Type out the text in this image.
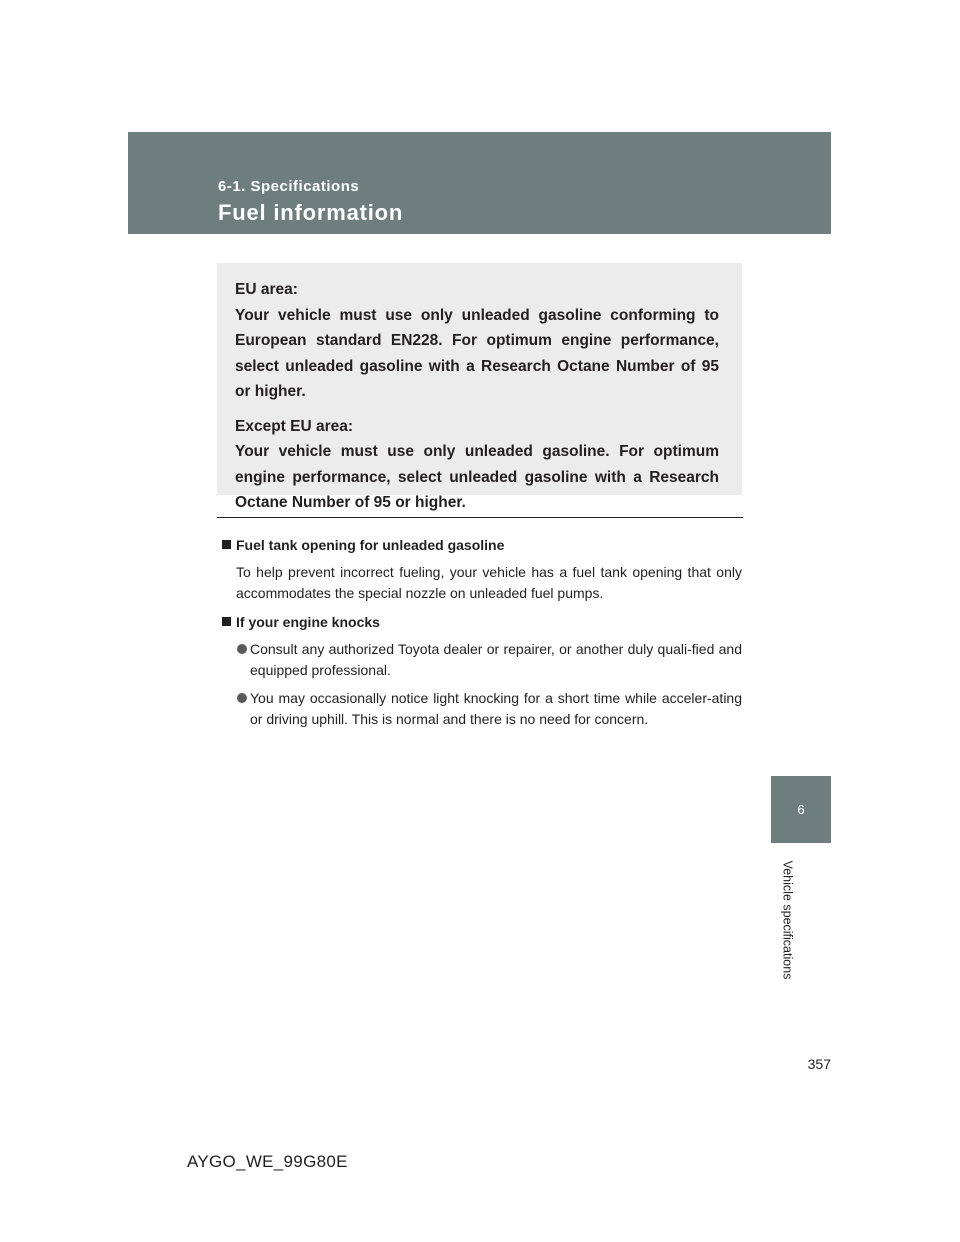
6-1. Specifications
Fuel information
EU area:
Your vehicle must use only unleaded gasoline conforming to European standard EN228. For optimum engine performance, select unleaded gasoline with a Research Octane Number of 95 or higher.
Except EU area:
Your vehicle must use only unleaded gasoline. For optimum engine performance, select unleaded gasoline with a Research Octane Number of 95 or higher.

Fuel tank opening for unleaded gasoline

To help prevent incorrect fueling, your vehicle has a fuel tank opening that only accommodates the special nozzle on unleaded fuel pumps.

If your engine knocks

Consult any authorized Toyota dealer or repairer, or another duly quali-fied and equipped professional.
You may occasionally notice light knocking for a short time while acceler-ating or driving uphill. This is normal and there is no need for concern.
6
Vehicle specifications
357
AYGO_WE_99G80E
